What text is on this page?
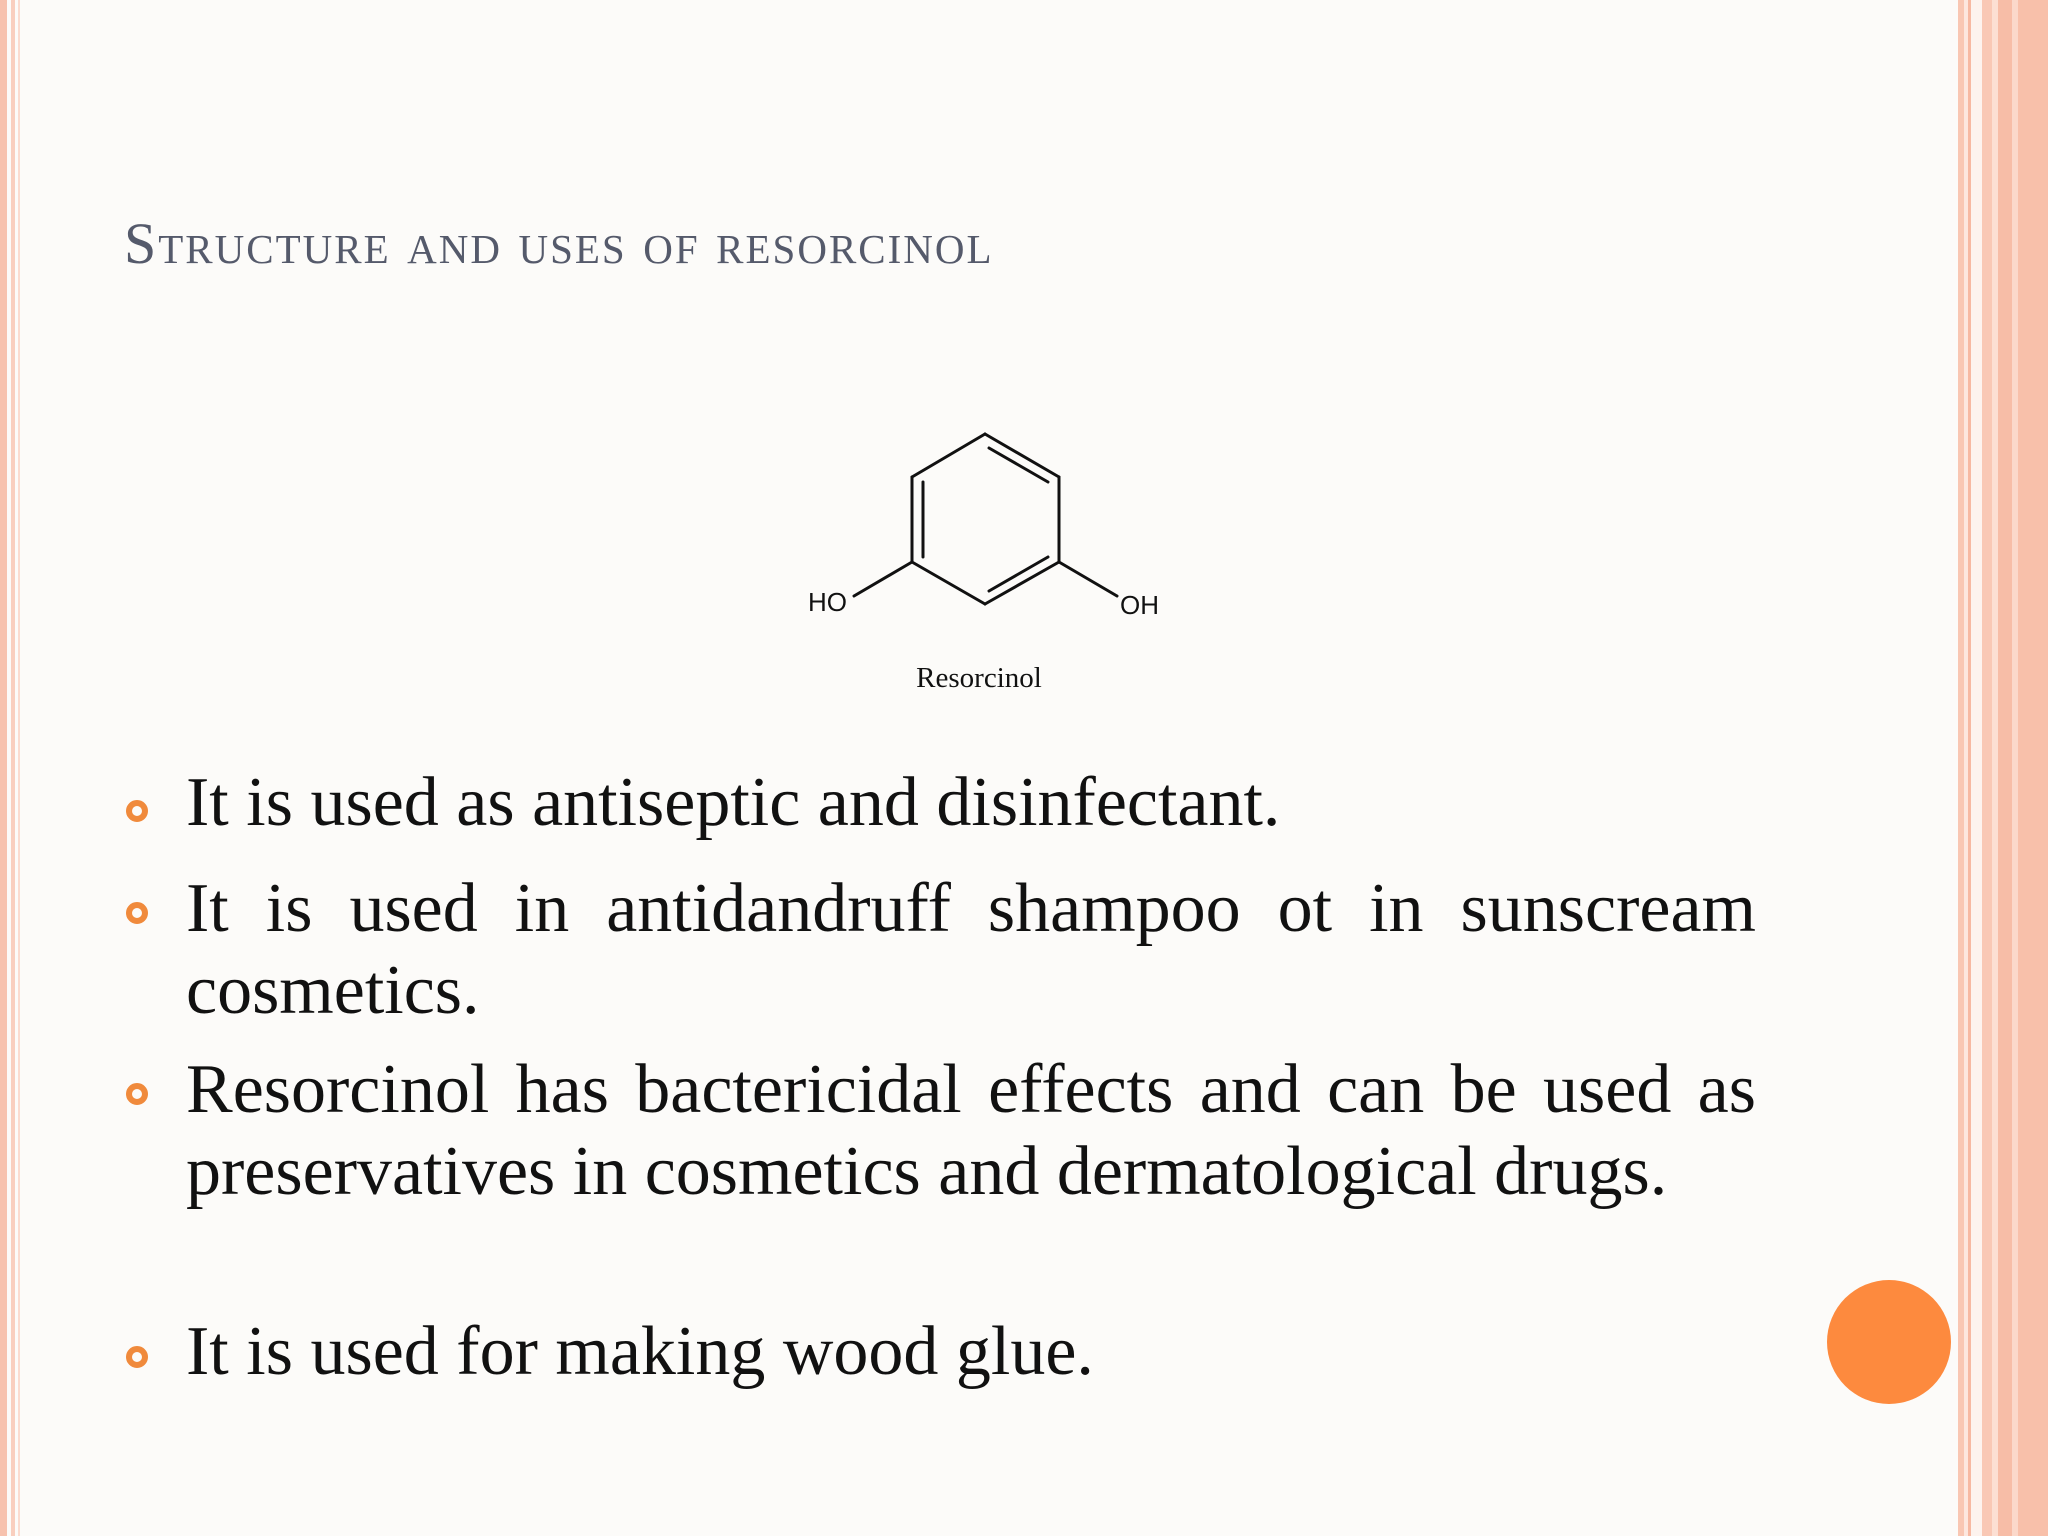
Structure and uses of resorcinol
HO	OH
Resorcinol
It is used as antiseptic and disinfectant.
It is used in antidandruff shampoo ot in sunscream cosmetics.
Resorcinol has bactericidal effects and can be used as preservatives in cosmetics and dermatological drugs.
It is used for making wood glue.
